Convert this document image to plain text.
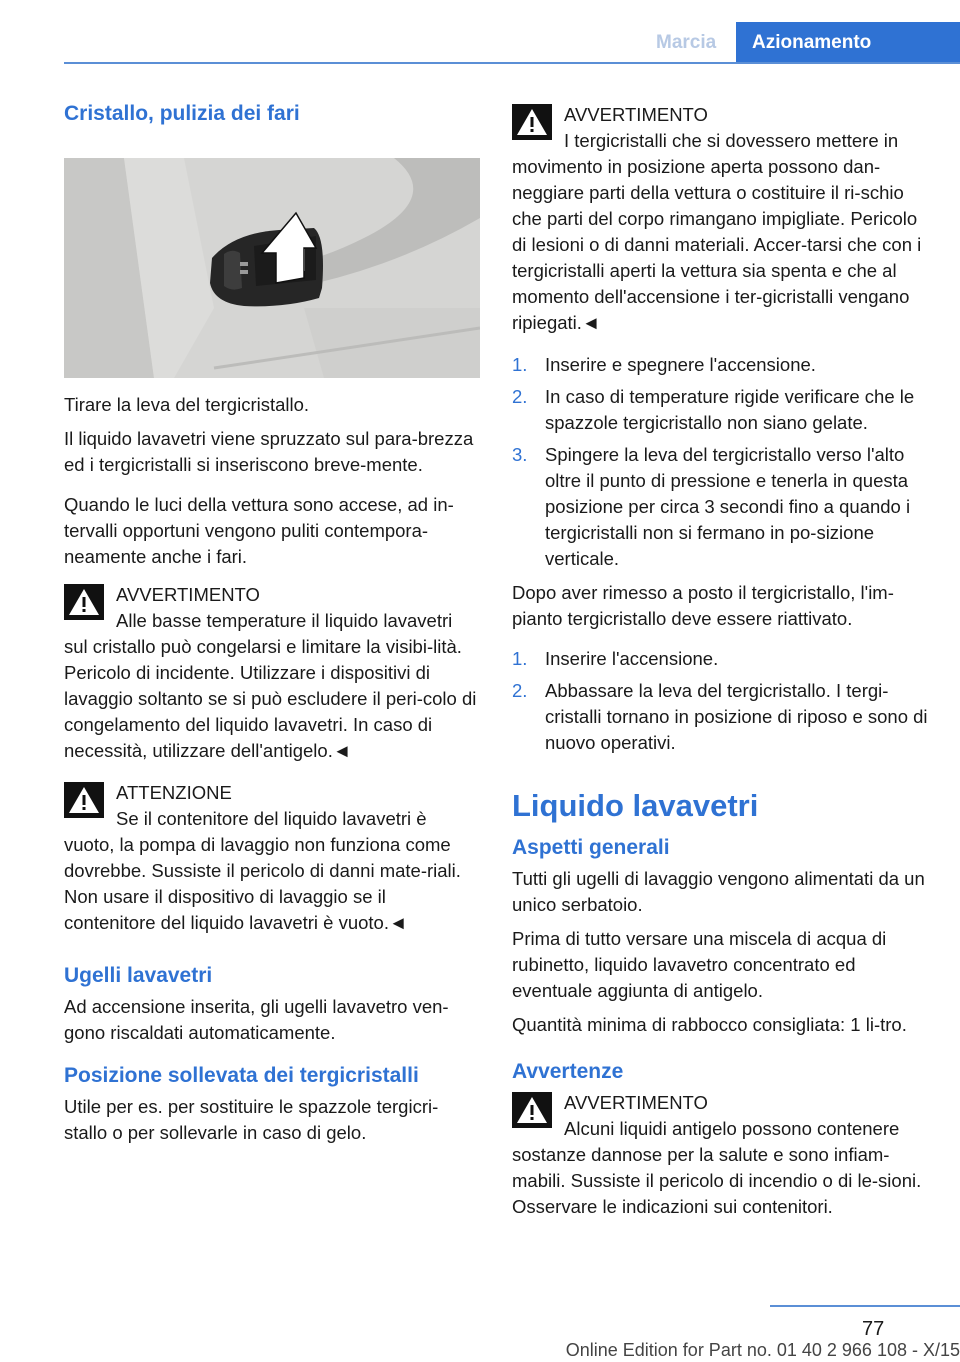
Marcia	Azionamento
Cristallo, pulizia dei fari

Tirare la leva del tergicristallo.

Il liquido lavavetri viene spruzzato sul para-brezza ed i tergicristalli si inseriscono breve-mente.

Quando le luci della vettura sono accese, ad in-tervalli opportuni vengono puliti contempora-neamente anche i fari.

AVVERTIMENTO
Alle basse temperature il liquido lavavetri sul cristallo può congelarsi e limitare la visibi-lità. Pericolo di incidente. Utilizzare i dispositivi di lavaggio soltanto se si può escludere il peri-colo di congelamento del liquido lavavetri. In caso di necessità, utilizzare dell'antigelo.◄

ATTENZIONE
Se il contenitore del liquido lavavetri è vuoto, la pompa di lavaggio non funziona come dovrebbe. Sussiste il pericolo di danni mate-riali. Non usare il dispositivo di lavaggio se il contenitore del liquido lavavetri è vuoto.◄

Ugelli lavavetri

Ad accensione inserita, gli ugelli lavavetro ven-gono riscaldati automaticamente.

Posizione sollevata dei tergicristalli

Utile per es. per sostituire le spazzole tergicri-stallo o per sollevarle in caso di gelo.

AVVERTIMENTO
I tergicristalli che si dovessero mettere in movimento in posizione aperta possono dan-neggiare parti della vettura o costituire il ri-schio che parti del corpo rimangano impigliate. Pericolo di lesioni o di danni materiali. Accer-tarsi che con i tergicristalli aperti la vettura sia spenta e che al momento dell'accensione i ter-gicristalli vengano ripiegati.◄

1. Inserire e spegnere l'accensione.
2. In caso di temperature rigide verificare che le spazzole tergicristallo non siano gelate.
3. Spingere la leva del tergicristallo verso l'alto oltre il punto di pressione e tenerla in questa posizione per circa 3 secondi fino a quando i tergicristalli non si fermano in po-sizione verticale.

Dopo aver rimesso a posto il tergicristallo, l'im-pianto tergicristallo deve essere riattivato.

1. Inserire l'accensione.
2. Abbassare la leva del tergicristallo. I tergi-cristalli tornano in posizione di riposo e sono di nuovo operativi.
Liquido lavavetri
Aspetti generali

Tutti gli ugelli di lavaggio vengono alimentati da un unico serbatoio.

Prima di tutto versare una miscela di acqua di rubinetto, liquido lavavetro concentrato ed eventuale aggiunta di antigelo.

Quantità minima di rabbocco consigliata: 1 li-tro.

Avvertenze

AVVERTIMENTO
Alcuni liquidi antigelo possono contenere sostanze dannose per la salute e sono infiam-mabili. Sussiste il pericolo di incendio o di le-sioni. Osservare le indicazioni sui contenitori.

77
Online Edition for Part no. 01 40 2 966 108 - X/15
